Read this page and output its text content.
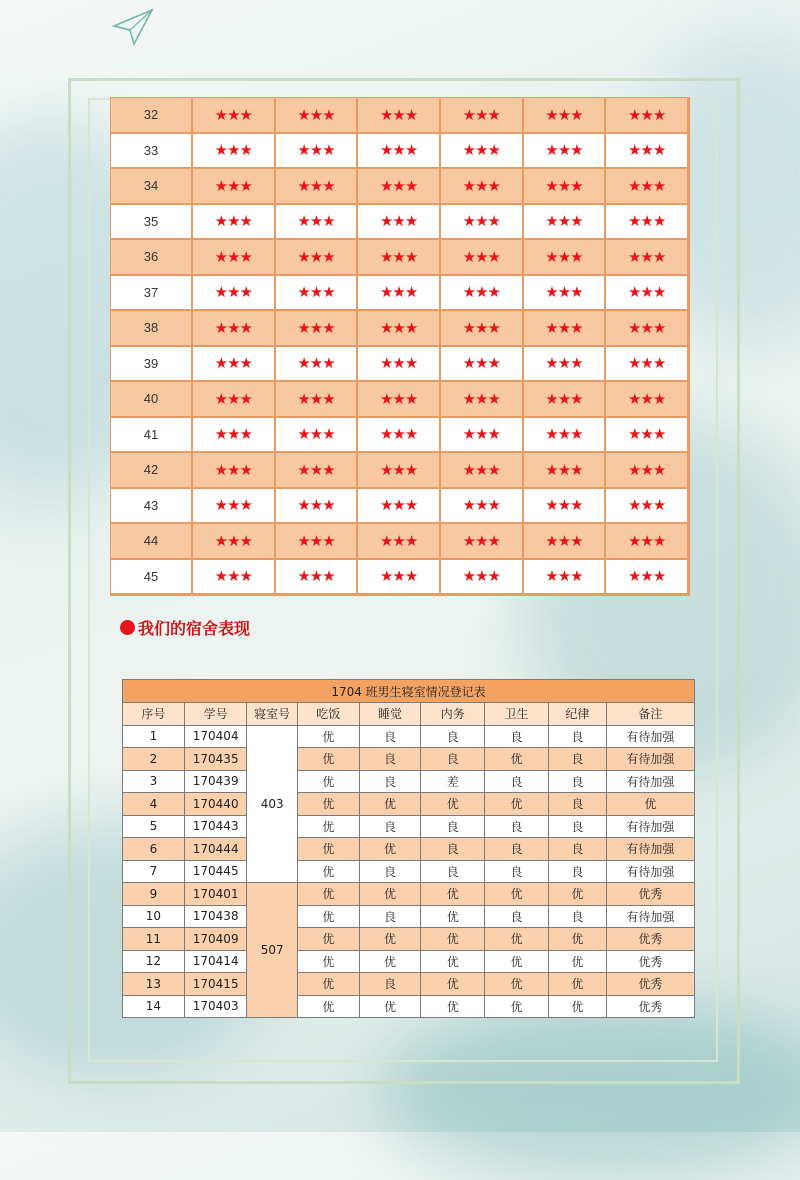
32	★★★	★★★	★★★	★★★	★★★	★★★
33	★★★	★★★	★★★	★★★	★★★	★★★
34	★★★	★★★	★★★	★★★	★★★	★★★
35	★★★	★★★	★★★	★★★	★★★	★★★
36	★★★	★★★	★★★	★★★	★★★	★★★
37	★★★	★★★	★★★	★★★	★★★	★★★
38	★★★	★★★	★★★	★★★	★★★	★★★
39	★★★	★★★	★★★	★★★	★★★	★★★
40	★★★	★★★	★★★	★★★	★★★	★★★
41	★★★	★★★	★★★	★★★	★★★	★★★
42	★★★	★★★	★★★	★★★	★★★	★★★
43	★★★	★★★	★★★	★★★	★★★	★★★
44	★★★	★★★	★★★	★★★	★★★	★★★
45	★★★	★★★	★★★	★★★	★★★	★★★
我们的宿舍表现
1704 班男生寝室情况登记表								
序号	学号	寝室号	吃饭	睡觉	内务	卫生	纪律	备注
1	170404	403	优	良	良	良	良	有待加强
2	170435		优	良	良	优	良	有待加强
3	170439		优	良	差	良	良	有待加强
4	170440		优	优	优	优	良	优
5	170443		优	良	良	良	良	有待加强
6	170444		优	优	良	良	良	有待加强
7	170445		优	良	良	良	良	有待加强
9	170401	507	优	优	优	优	优	优秀
10	170438		优	良	优	良	良	有待加强
11	170409		优	优	优	优	优	优秀
12	170414		优	优	优	优	优	优秀
13	170415		优	良	优	优	优	优秀
14	170403		优	优	优	优	优	优秀
